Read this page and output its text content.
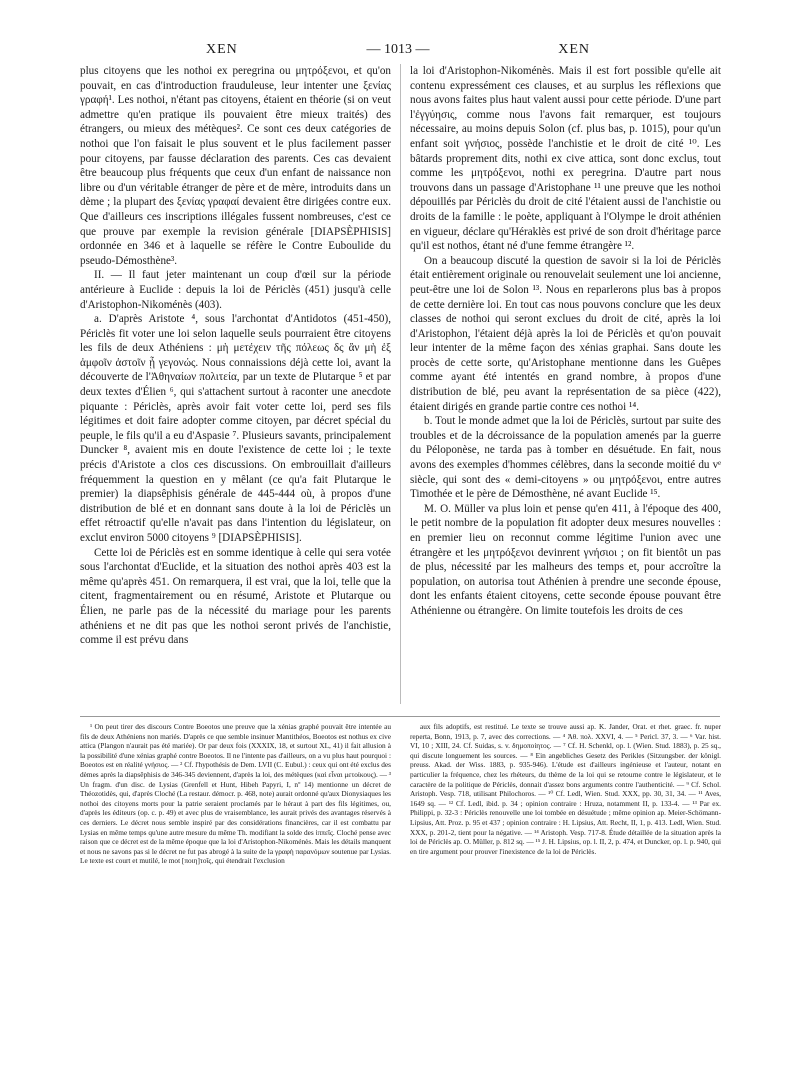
XEN	— 1013 —	XEN

plus citoyens que les nothoi ex peregrina ou μητρόξενοι, et qu'on pouvait, en cas d'introduction frauduleuse, leur intenter une ξενίας γραφή¹. Les nothoi, n'étant pas citoyens, étaient en théorie (si on veut admettre qu'en pratique ils pouvaient être mieux traités) des étrangers, ou mieux des métèques². Ce sont ces deux catégories de nothoi que l'on faisait le plus souvent et le plus facilement passer pour citoyens, par fausse déclaration des parents. Ces cas devaient être beaucoup plus fréquents que ceux d'un enfant de naissance non libre ou d'un véritable étranger de père et de mère, introduits dans un dème ; la plupart des ξενίας γραφαί devaient être dirigées contre eux. Que d'ailleurs ces inscriptions illégales fussent nombreuses, c'est ce que prouve par exemple la revision générale [DIAPSÈPHISIS] ordonnée en 346 et à laquelle se réfère le Contre Euboulide du pseudo-Démosthène³.

II. — Il faut jeter maintenant un coup d'œil sur la période antérieure à Euclide : depuis la loi de Périclès (451) jusqu'à celle d'Aristophon-Nikoménès (403).

a. D'après Aristote ⁴, sous l'archontat d'Antidotos (451-450), Périclès fit voter une loi selon laquelle seuls pourraient être citoyens les fils de deux Athéniens : μὴ μετέχειν τῆς πόλεως δς ἂν μὴ ἐξ ἀμφοῖν ἀστοῖν ᾖ γεγονώς. Nous connaissions déjà cette loi, avant la découverte de l'Ἀθηναίων πολιτεία, par un texte de Plutarque ⁵ et par deux textes d'Élien ⁶, qui s'attachent surtout à raconter une anecdote piquante : Périclès, après avoir fait voter cette loi, perd ses fils légitimes et doit faire adopter comme citoyen, par décret spécial du peuple, le fils qu'il a eu d'Aspasie ⁷. Plusieurs savants, principalement Duncker ⁸, avaient mis en doute l'existence de cette loi ; le texte précis d'Aristote a clos ces discussions. On embrouillait d'ailleurs fréquemment la question en y mêlant (ce qu'a fait Plutarque le premier) la diapsêphisis générale de 445-444 où, à propos d'une distribution de blé et en donnant sans doute à la loi de Périclès un effet rétroactif qu'elle n'avait pas dans l'intention du législateur, on exclut environ 5000 citoyens ⁹ [DIAPSÈPHISIS].

Cette loi de Périclès est en somme identique à celle qui sera votée sous l'archontat d'Euclide, et la situation des nothoi après 403 est la même qu'après 451. On remarquera, il est vrai, que la loi, telle que la citent, fragmentairement ou en résumé, Aristote et Plutarque ou Élien, ne parle pas de la nécessité du mariage pour les parents athéniens et ne dit pas que les nothoi seront privés de l'anchistie, comme il est prévu dans

la loi d'Aristophon-Nikoménès. Mais il est fort possible qu'elle ait contenu expressément ces clauses, et au surplus les réflexions que nous avons faites plus haut valent aussi pour cette période. D'une part l'ἐγγύησις, comme nous l'avons fait remarquer, est toujours nécessaire, au moins depuis Solon (cf. plus bas, p. 1015), pour qu'un enfant soit γνήσιος, possède l'anchistie et le droit de cité ¹⁰. Les bâtards proprement dits, nothi ex cive attica, sont donc exclus, tout comme les μητρόξενοι, nothi ex peregrina. D'autre part nous trouvons dans un passage d'Aristophane ¹¹ une preuve que les nothoi dépouillés par Périclès du droit de cité l'étaient aussi de l'anchistie ou droits de la famille : le poète, appliquant à l'Olympe le droit athénien en vigueur, déclare qu'Héraklès est privé de son droit d'héritage parce qu'il est nothos, étant né d'une femme étrangère ¹².

On a beaucoup discuté la question de savoir si la loi de Périclès était entièrement originale ou renouvelait seulement une loi ancienne, peut-être une loi de Solon ¹³. Nous en reparlerons plus bas à propos de cette dernière loi. En tout cas nous pouvons conclure que les deux classes de nothoi qui seront exclues du droit de cité, après la loi d'Aristophon, l'étaient déjà après la loi de Périclès et qu'on pouvait leur intenter de la même façon des xénias graphai. Sans doute les procès de cette sorte, qu'Aristophane mentionne dans les Guêpes comme ayant été intentés en grand nombre, à propos d'une distribution de blé, peu avant la représentation de sa pièce (422), étaient dirigés en grande partie contre ces nothoi ¹⁴.

b. Tout le monde admet que la loi de Périclès, surtout par suite des troubles et de la décroissance de la population amenés par la guerre du Péloponèse, ne tarda pas à tomber en désuétude. En fait, nous avons des exemples d'hommes célèbres, dans la seconde moitié du vᵉ siècle, qui sont des « demi-citoyens » ou μητρόξενοι, entre autres Timothée et le père de Démosthène, né avant Euclide ¹⁵.

M. O. Müller va plus loin et pense qu'en 411, à l'époque des 400, le petit nombre de la population fit adopter deux mesures nouvelles : en premier lieu on reconnut comme légitime l'union avec une étrangère et les μητρόξενοι devinrent γνήσιοι ; on fit bientôt un pas de plus, nécessité par les malheurs des temps et, pour accroître la population, on autorisa tout Athénien à prendre une seconde épouse, dont les enfants étaient citoyens, cette seconde épouse pouvant être Athénienne ou étrangère. On limite toutefois les droits de ces

¹ On peut tirer des discours Contre Boeotos une preuve que la xénias graphé pouvait être intentée au fils de deux Athéniens non mariés. D'après ce que semble insinuer Mantithéos, Boeotos est nothus ex cive attica (Plangon n'aurait pas été mariée). Or par deux fois (XXXIX, 18, et surtout XL, 41) il fait allusion à la possibilité d'une xénias graphé contre Boeotos. Il ne l'intente pas d'ailleurs, on a vu plus haut pourquoi : Boeotos est en réalité γνήσιος. — ² Cf. l'hypothésis de Dem. LVII (C. Eubul.) : ceux qui ont été exclus des dèmes après la diapsêphisis de 346-345 deviennent, d'après la loi, des métèques (καὶ εἶναι μετοίκους). — ³ Un fragm. d'un disc. de Lysias (Grenfell et Hunt, Hibeh Papyri, I, nº 14) mentionne un décret de Théozotidès, qui, d'après Cloché (La restaur. démocr. p. 468, note) aurait ordonné qu'aux Dionysiaques les nothoi des citoyens morts pour la patrie seraient proclamés par le héraut à part des fils légitimes, ou, d'après les éditeurs (op. c. p. 49) et avec plus de vraisemblance, les aurait privés des avantages réservés à ces derniers. Le décret nous semble inspiré par des considérations financières, car il est combattu par Lysias en même temps qu'une autre mesure du même Th. modifiant la solde des ἱππεῖς. Cloché pense avec raison que ce décret est de la même époque que la loi d'Aristophon-Nikoménès. Mais les détails manquent et nous ne savons pas si le décret ne fut pas abrogé à la suite de la γραφὴ παρανόμων soutenue par Lysias. Le texte est court et mutilé, le mot [ποιη]τοῖς, qui étendrait l'exclusion

aux fils adoptifs, est restitué. Le texte se trouve aussi ap. K. Jander, Orat. et rhet. graec. fr. nuper reperta, Bonn, 1913, p. 7, avec des corrections. — ⁴ Ἀθ. πολ. XXVI, 4. — ⁵ Pericl. 37, 3. — ⁶ Var. hist. VI, 10 ; XIII, 24. Cf. Suidas, s. v. δημοποίητος. — ⁷ Cf. H. Schenkl, op. l. (Wien. Stud. 1883), p. 25 sq., qui discute longuement les sources. — ⁸ Ein angebliches Gesetz des Perikles (Sitzungsber. der königl. preuss. Akad. der Wiss. 1883, p. 935-946). L'étude est d'ailleurs ingénieuse et l'auteur, notant en particulier la fréquence, chez les rhéteurs, du thème de la loi qui se retourne contre le législateur, et le caractère de la politique de Périclès, donnait d'assez bons arguments contre l'authenticité. — ⁹ Cf. Schol. Aristoph. Vesp. 718, utilisant Philochoros. — ¹⁰ Cf. Ledl, Wien. Stud. XXX, pp. 30, 31, 34. — ¹¹ Aves, 1649 sq. — ¹² Cf. Ledl, ibid. p. 34 ; opinion contraire : Hruza, notamment II, p. 133-4. — ¹³ Par ex. Philippi, p. 32-3 : Périclès renouvelle une loi tombée en désuétude ; même opinion ap. Meier-Schömann-Lipsius, Att. Proz. p. 95 et 437 ; opinion contraire : H. Lipsius, Att. Recht, II, 1, p. 413. Ledl, Wien. Stud. XXX, p. 201-2, tient pour la négative. — ¹⁴ Aristoph. Vesp. 717-8. Étude détaillée de la situation après la loi de Périclès ap. O. Müller, p. 812 sq. — ¹⁵ J. H. Lipsius, op. l. II, 2, p. 474, et Duncker, op. l. p. 940, qui en tire argument pour prouver l'inexistence de la loi de Périclès.
